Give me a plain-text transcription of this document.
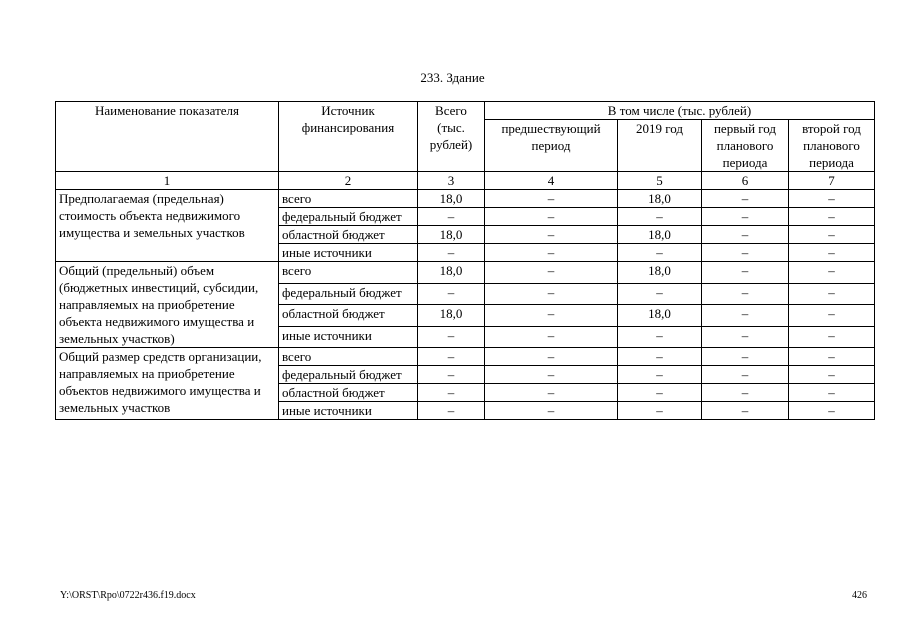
233. Здание
Наименование показателя	Источник финансирования	Всего (тыс. рублей)	В том числе (тыс. рублей)			
			предшествующий период	2019 год	первый год планового периода	второй год планового периода
1	2	3	4	5	6	7
Предполагаемая (предельная) стоимость объекта недвижимого имущества и земельных участков	всего	18,0	–	18,0	–	–
	федеральный бюджет	–	–	–	–	–
	областной бюджет	18,0	–	18,0	–	–
	иные источники	–	–	–	–	–
Общий (предельный) объем (бюджетных инвестиций, субсидии, направляемых на приобретение объекта недвижимого имущества и земельных участков)	всего	18,0	–	18,0	–	–
	федеральный бюджет	–	–	–	–	–
	областной бюджет	18,0	–	18,0	–	–
	иные источники	–	–	–	–	–
Общий размер средств организации, направляемых на приобретение объектов недвижимого имущества и земельных участков	всего	–	–	–	–	–
	федеральный бюджет	–	–	–	–	–
	областной бюджет	–	–	–	–	–
	иные источники	–	–	–	–	–
Y:\ORST\Rpo\0722r436.f19.docx	426
